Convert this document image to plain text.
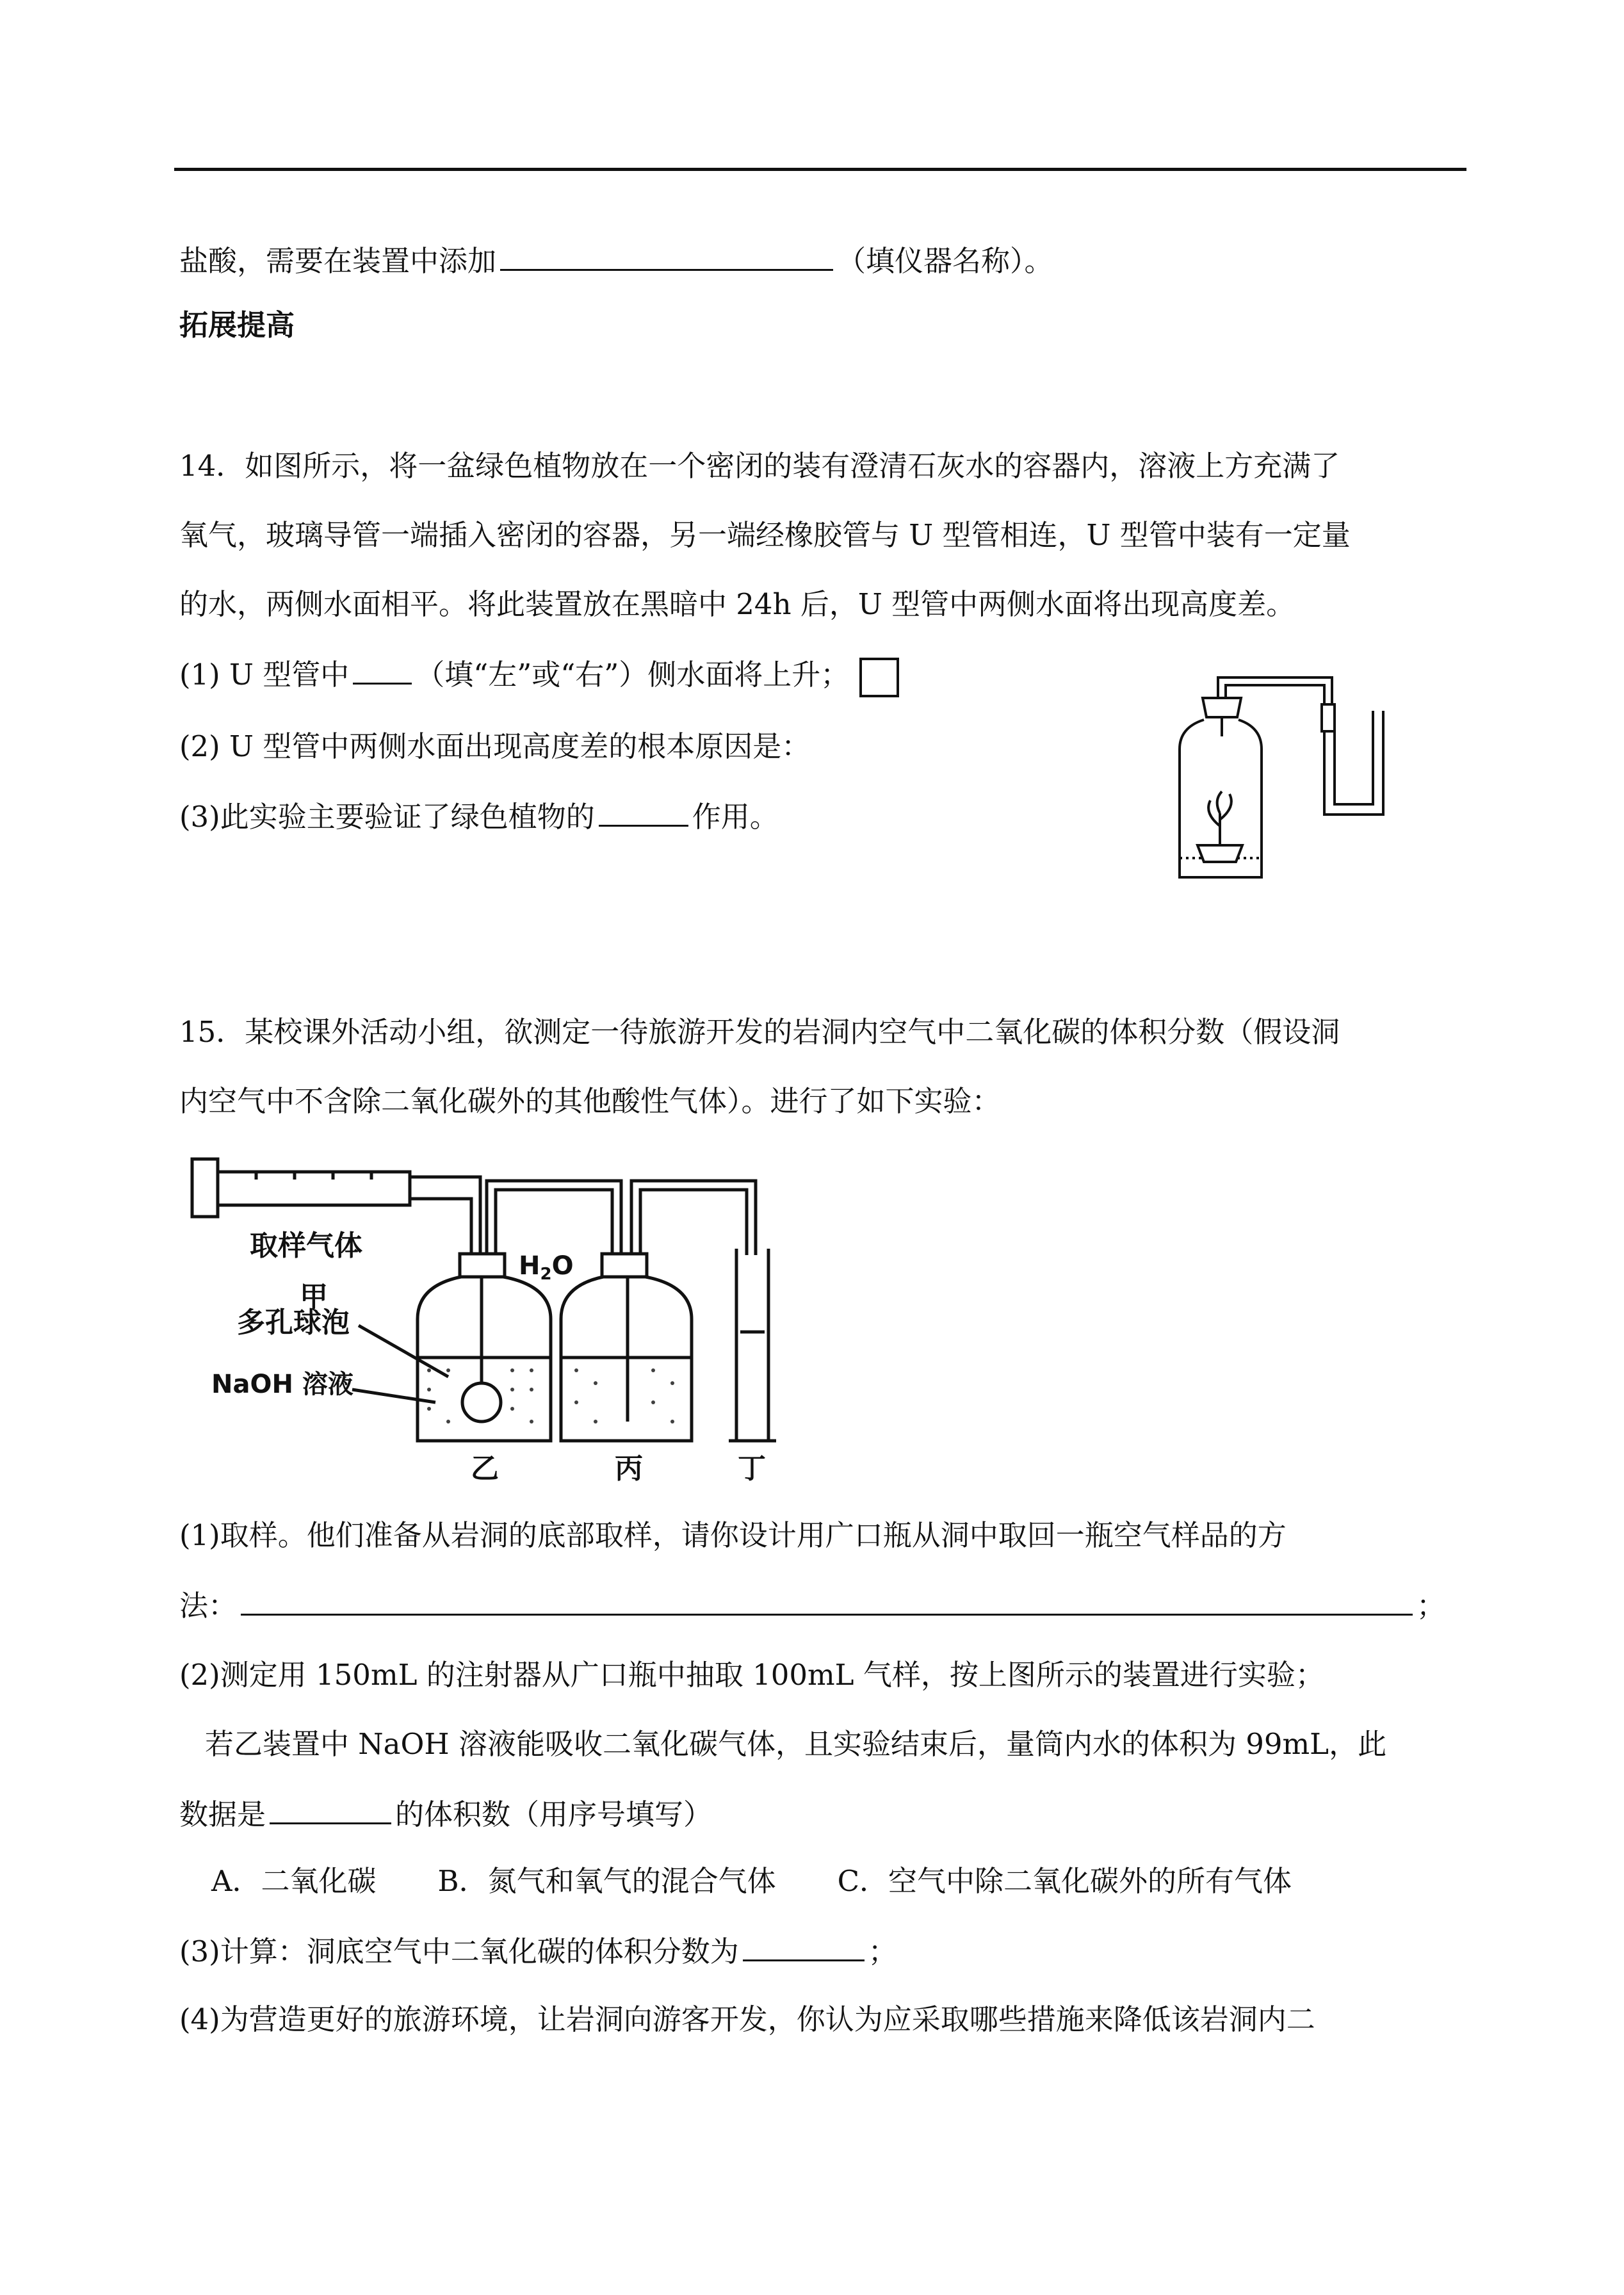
盐酸，需要在装置中添加	（填仪器名称）。
拓展提高
14．如图所示，将一盆绿色植物放在一个密闭的装有澄清石灰水的容器内，溶液上方充满了
氧气，玻璃导管一端插入密闭的容器，另一端经橡胶管与 U 型管相连，U 型管中装有一定量
的水，两侧水面相平。将此装置放在黑暗中 24h 后，U 型管中两侧水面将出现高度差。
(1) U 型管中 （填“左”或“右”）侧水面将上升；
(2) U 型管中两侧水面出现高度差的根本原因是：
(3)此实验主要验证了绿色植物的	作用。
15．某校课外活动小组，欲测定一待旅游开发的岩洞内空气中二氧化碳的体积分数（假设洞
内空气中不含除二氧化碳外的其他酸性气体）。进行了如下实验：
取样气体
甲
多孔球泡
NaOH 溶液
$H_2O$
乙	丙	丁
(1)取样。他们准备从岩洞的底部取样，请你设计用广口瓶从洞中取回一瓶空气样品的方
法：	；
(2)测定用 150mL 的注射器从广口瓶中抽取 100mL 气样，按上图所示的装置进行实验；
若乙装置中 NaOH 溶液能吸收二氧化碳气体，且实验结束后，量筒内水的体积为 99mL，此
数据是	的体积数（用序号填写）
A．二氧化碳 B．氮气和氧气的混合气体 C．空气中除二氧化碳外的所有气体
(3)计算：洞底空气中二氧化碳的体积分数为	；
(4)为营造更好的旅游环境，让岩洞向游客开发，你认为应采取哪些措施来降低该岩洞内二
